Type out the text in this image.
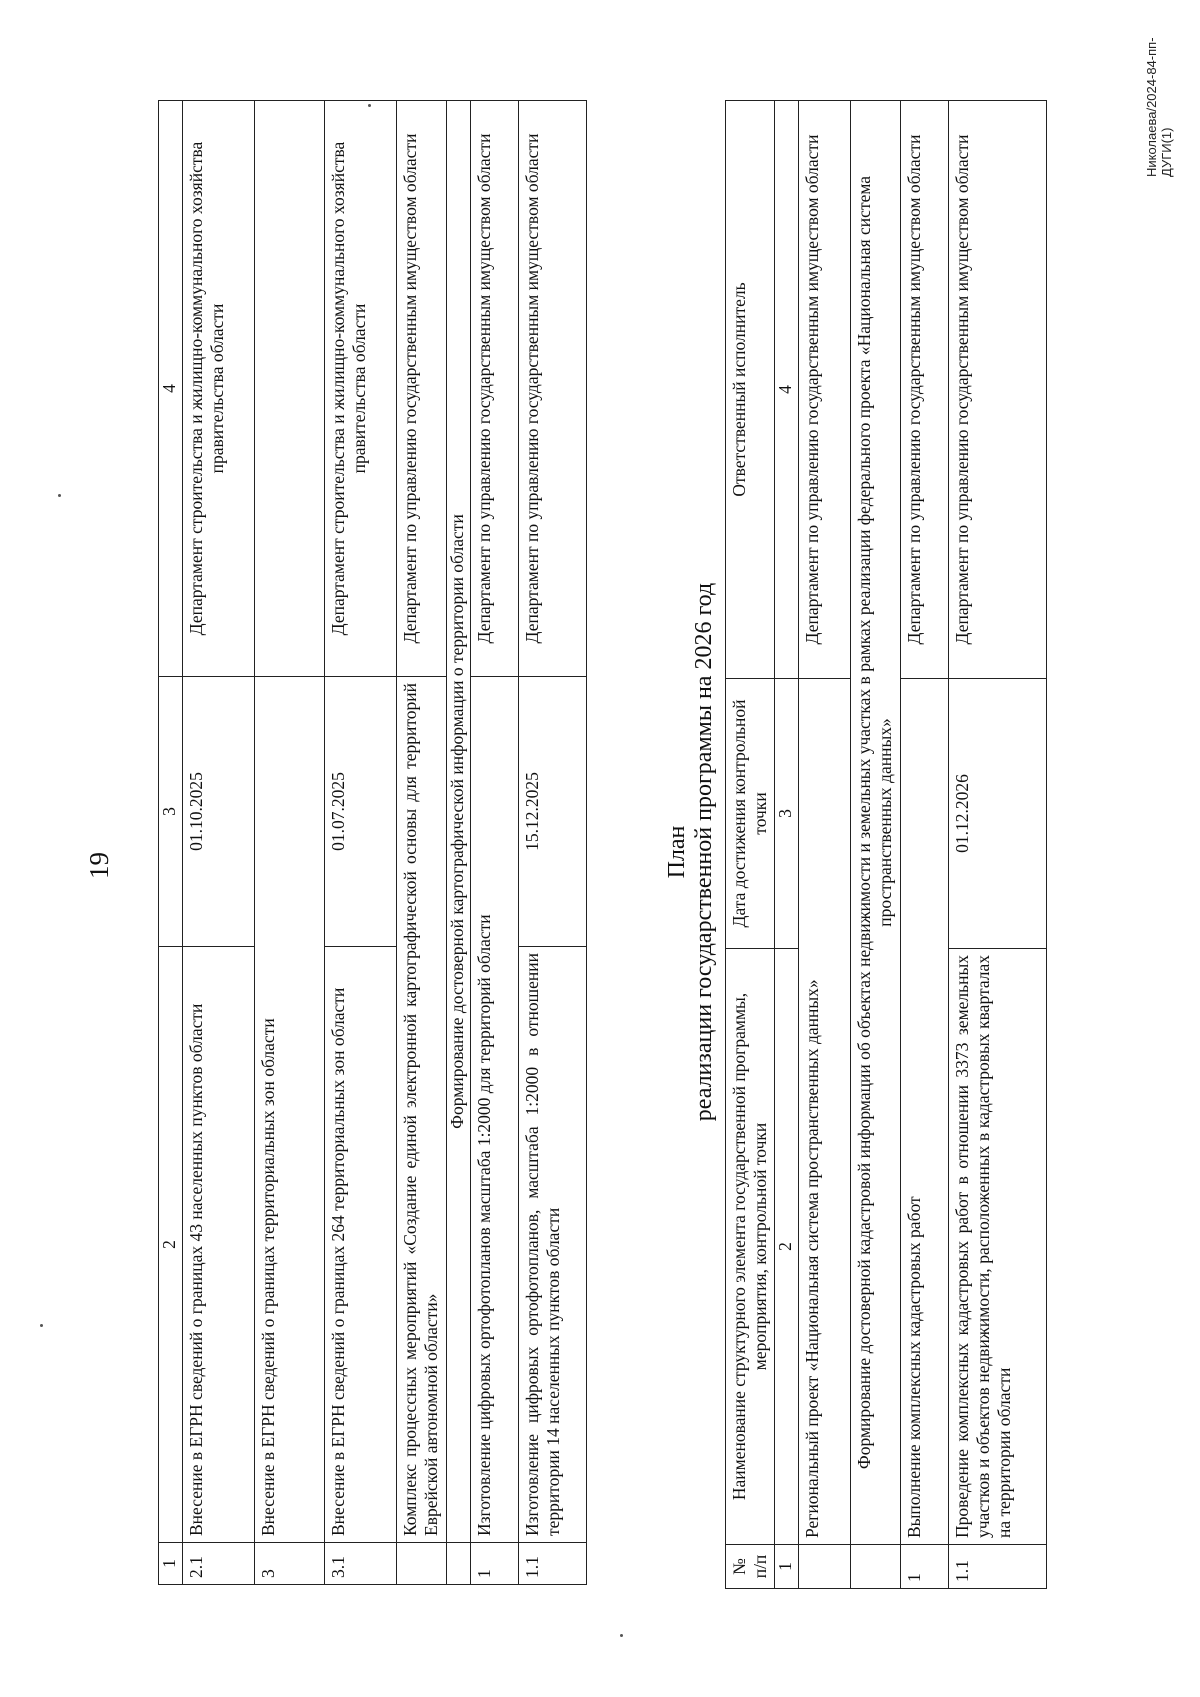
19
1	2	3	4
2.1	Внесение в ЕГРН сведений о границах 43 населенных пунктов области	01.10.2025	Департамент строительства и жилищно-коммунального хозяйства правительства области
3	Внесение в ЕГРН сведений о границах территориальных зон области		
3.1	Внесение в ЕГРН сведений о границах 264 территориальных зон области	01.07.2025	Департамент строительства и жилищно-коммунального хозяйства правительства области
	Комплекс процессных мероприятий «Создание единой электронной картографической основы для территорий Еврейской автономной области»		Департамент по управлению государственным имуществом области
	Формирование достоверной картографической информации о территории области		
1	Изготовление цифровых ортофотопланов масштаба 1:2000 для территорий области		Департамент по управлению государственным имуществом области
1.1	Изготовление цифровых ортофотопланов, масштаба 1:2000 в отношении территории 14 населенных пунктов области	15.12.2025	Департамент по управлению государственным имуществом области
План реализации государственной программы на 2026 год
№ п/п	Наименование структурного элемента государственной программы, мероприятия, контрольной точки	Дата достижения контрольной точки	Ответственный исполнитель
1	2	3	4
	Региональный проект «Национальная система пространственных данных»		Департамент по управлению государственным имуществом области
	Формирование достоверной кадастровой информации об объектах недвижимости и земельных участках в рамках реализации федерального проекта «Национальная система пространственных данных»		
1	Выполнение комплексных кадастровых работ		Департамент по управлению государственным имуществом области
1.1	Проведение комплексных кадастровых работ в отношении 3373 земельных участков и объектов недвижимости, расположенных в кадастровых кварталах на территории области	01.12.2026	Департамент по управлению государственным имуществом области
Николаева/2024-84-пп-ДУГИ(1)
